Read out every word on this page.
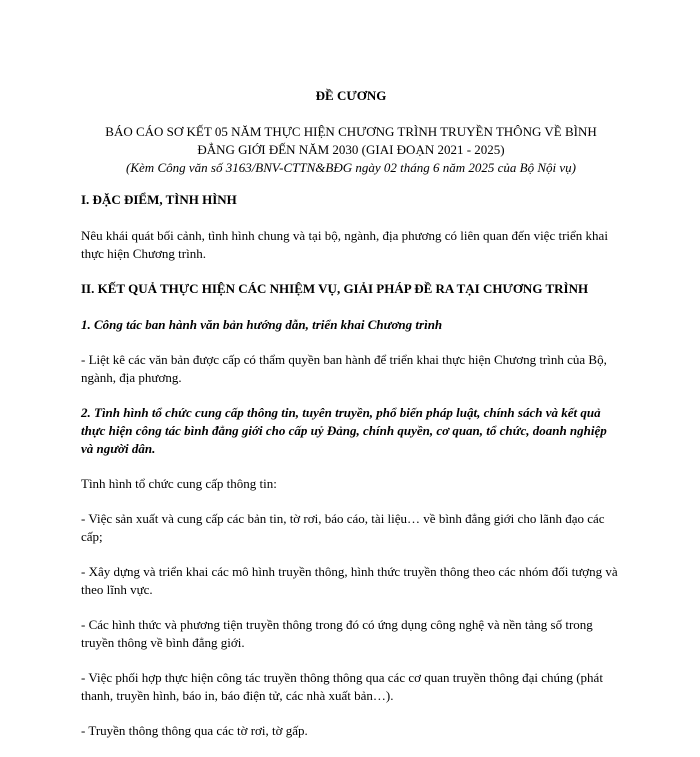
ĐỀ CƯƠNG

BÁO CÁO SƠ KẾT 05 NĂM THỰC HIỆN CHƯƠNG TRÌNH TRUYỀN THÔNG VỀ BÌNH ĐẲNG GIỚI ĐẾN NĂM 2030 (GIAI ĐOẠN 2021 - 2025)

(Kèm Công văn số 3163/BNV-CTTN&BĐG ngày 02 tháng 6 năm 2025 của Bộ Nội vụ)

I. ĐẶC ĐIỂM, TÌNH HÌNH

Nêu khái quát bối cảnh, tình hình chung và tại bộ, ngành, địa phương có liên quan đến việc triển khai thực hiện Chương trình.

II. KẾT QUẢ THỰC HIỆN CÁC NHIỆM VỤ, GIẢI PHÁP ĐỀ RA TẠI CHƯƠNG TRÌNH

1. Công tác ban hành văn bản hướng dẫn, triển khai Chương trình

- Liệt kê các văn bản được cấp có thẩm quyền ban hành để triển khai thực hiện Chương trình của Bộ, ngành, địa phương.

2. Tình hình tổ chức cung cấp thông tin, tuyên truyền, phổ biến pháp luật, chính sách và kết quả thực hiện công tác bình đẳng giới cho cấp uỷ Đảng, chính quyền, cơ quan, tổ chức, doanh nghiệp và người dân.

Tình hình tổ chức cung cấp thông tin:

- Việc sản xuất và cung cấp các bản tin, tờ rơi, báo cáo, tài liệu… về bình đẳng giới cho lãnh đạo các cấp;

- Xây dựng và triển khai các mô hình truyền thông, hình thức truyền thông theo các nhóm đối tượng và theo lĩnh vực.

- Các hình thức và phương tiện truyền thông trong đó có ứng dụng công nghệ và nền tảng số trong truyền thông về bình đẳng giới.

- Việc phối hợp thực hiện công tác truyền thông thông qua các cơ quan truyền thông đại chúng (phát thanh, truyền hình, báo in, báo điện tử, các nhà xuất bản…).

- Truyền thông thông qua các tờ rơi, tờ gấp.
